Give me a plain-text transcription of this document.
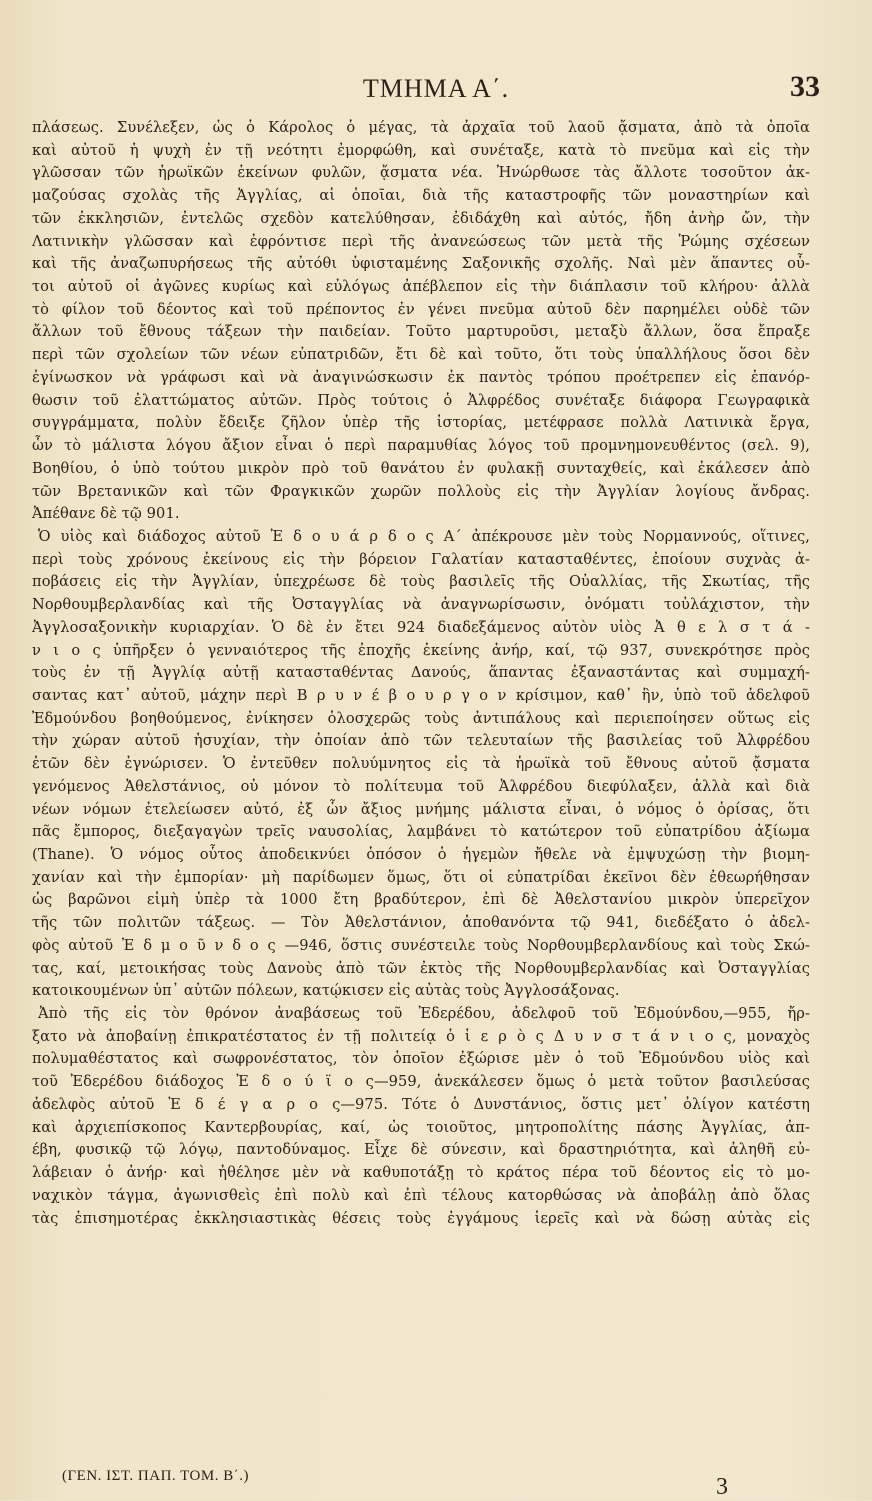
ΤΜΗΜΑ Α΄.	33
πλάσεως. Συνέλεξεν, ὡς ὁ Κάρολος ὁ μέγας, τὰ ἀρχαῖα τοῦ λαοῦ ᾄσματα, ἀπὸ τὰ ὁποῖα
καὶ αὐτοῦ ἡ ψυχὴ ἐν τῇ νεότητι ἐμορφώθη, καὶ συνέταξε, κατὰ τὸ πνεῦμα καὶ εἰς τὴν
γλῶσσαν τῶν ἡρωϊκῶν ἐκείνων φυλῶν, ᾄσματα νέα. Ἠνώρθωσε τὰς ἄλλοτε τοσοῦτον ἀκ-
μαζούσας σχολὰς τῆς Ἀγγλίας, αἱ ὁποῖαι, διὰ τῆς καταστροφῆς τῶν μοναστηρίων καὶ
τῶν ἐκκλησιῶν, ἐντελῶς σχεδὸν κατελύθησαν, ἐδιδάχθη καὶ αὐτός, ἤδη ἀνὴρ ὤν, τὴν
Λατινικὴν γλῶσσαν καὶ ἐφρόντισε περὶ τῆς ἀνανεώσεως τῶν μετὰ τῆς Ῥώμης σχέσεων
καὶ τῆς ἀναζωπυρήσεως τῆς αὐτόθι ὑφισταμένης Σαξονικῆς σχολῆς. Ναὶ μὲν ἅπαντες οὗ-
τοι αὐτοῦ οἱ ἀγῶνες κυρίως καὶ εὐλόγως ἀπέβλεπον εἰς τὴν διάπλασιν τοῦ κλήρου· ἀλλὰ
τὸ φίλον τοῦ δέοντος καὶ τοῦ πρέποντος ἐν γένει πνεῦμα αὐτοῦ δὲν παρημέλει οὐδὲ τῶν
ἄλλων τοῦ ἔθνους τάξεων τὴν παιδείαν. Τοῦτο μαρτυροῦσι, μεταξὺ ἄλλων, ὅσα ἔπραξε
περὶ τῶν σχολείων τῶν νέων εὐπατριδῶν, ἔτι δὲ καὶ τοῦτο, ὅτι τοὺς ὑπαλλήλους ὅσοι δὲν
ἐγίνωσκον νὰ γράφωσι καὶ νὰ ἀναγινώσκωσιν ἐκ παντὸς τρόπου προέτρεπεν εἰς ἐπανόρ-
θωσιν τοῦ ἐλαττώματος αὐτῶν. Πρὸς τούτοις ὁ Ἀλφρέδος συνέταξε διάφορα Γεωγραφικὰ
συγγράμματα, πολὺν ἔδειξε ζῆλον ὑπὲρ τῆς ἱστορίας, μετέφρασε πολλὰ Λατινικὰ ἔργα,
ὧν τὸ μάλιστα λόγου ἄξιον εἶναι ὁ περὶ παραμυθίας λόγος τοῦ προμνημονευθέντος (σελ. 9),
Βοηθίου, ὁ ὑπὸ τούτου μικρὸν πρὸ τοῦ θανάτου ἐν φυλακῇ συνταχθείς, καὶ ἐκάλεσεν ἀπὸ
τῶν Βρετανικῶν καὶ τῶν Φραγκικῶν χωρῶν πολλοὺς εἰς τὴν Ἀγγλίαν λογίους ἄνδρας.
Ἀπέθανε δὲ τῷ 901.
Ὁ υἱὸς καὶ διάδοχος αὐτοῦ Ἐ δ ο υ ά ρ δ ο ς Α΄ ἀπέκρουσε μὲν τοὺς Νορμαννούς, οἵτινες,
περὶ τοὺς χρόνους ἐκείνους εἰς τὴν βόρειον Γαλατίαν κατασταθέντες, ἐποίουν συχνὰς ἀ-
ποβάσεις εἰς τὴν Ἀγγλίαν, ὑπεχρέωσε δὲ τοὺς βασιλεῖς τῆς Οὐαλλίας, τῆς Σκωτίας, τῆς
Νορθουμβερλανδίας καὶ τῆς Ὀσταγγλίας νὰ ἀναγνωρίσωσιν, ὀνόματι τοὐλάχιστον, τὴν
Ἀγγλοσαξονικὴν κυριαρχίαν. Ὁ δὲ ἐν ἔτει 924 διαδεξάμενος αὐτὸν υἱὸς Ἀ θ ε λ σ τ ά -
ν ι ο ς ὑπῆρξεν ὁ γενναιότερος τῆς ἐποχῆς ἐκείνης ἀνήρ, καί, τῷ 937, συνεκρότησε πρὸς
τοὺς ἐν τῇ Ἀγγλίᾳ αὐτῇ κατασταθέντας Δανούς, ἅπαντας ἐξαναστάντας καὶ συμμαχή-
σαντας κατ᾿ αὐτοῦ, μάχην περὶ Β ρ υ ν έ β ο υ ρ γ ο ν κρίσιμον, καθ᾿ ἣν, ὑπὸ τοῦ ἀδελφοῦ
Ἐδμούνδου βοηθούμενος, ἐνίκησεν ὁλοσχερῶς τοὺς ἀντιπάλους καὶ περιεποίησεν οὕτως εἰς
τὴν χώραν αὐτοῦ ἡσυχίαν, τὴν ὁποίαν ἀπὸ τῶν τελευταίων τῆς βασιλείας τοῦ Ἀλφρέδου
ἐτῶν δὲν ἐγνώρισεν. Ὁ ἐντεῦθεν πολυύμνητος εἰς τὰ ἡρωϊκὰ τοῦ ἔθνους αὐτοῦ ᾄσματα
γενόμενος Ἀθελστάνιος, οὐ μόνον τὸ πολίτευμα τοῦ Ἀλφρέδου διεφύλαξεν, ἀλλὰ καὶ διὰ
νέων νόμων ἐτελείωσεν αὐτό, ἐξ ὧν ἄξιος μνήμης μάλιστα εἶναι, ὁ νόμος ὁ ὁρίσας, ὅτι
πᾶς ἔμπορος, διεξαγαγὼν τρεῖς ναυσολίας, λαμβάνει τὸ κατώτερον τοῦ εὐπατρίδου ἀξίωμα
(Thane). Ὁ νόμος οὗτος ἀποδεικνύει ὁπόσον ὁ ἡγεμὼν ἤθελε νὰ ἐμψυχώσῃ τὴν βιομη-
χανίαν καὶ τὴν ἐμπορίαν· μὴ παρίδωμεν ὅμως, ὅτι οἱ εὐπατρίδαι ἐκεῖνοι δὲν ἐθεωρήθησαν
ὡς βαρῶνοι εἰμὴ ὑπὲρ τὰ 1000 ἔτη βραδύτερον, ἐπὶ δὲ Ἀθελστανίου μικρὸν ὑπερεῖχον
τῆς τῶν πολιτῶν τάξεως. — Τὸν Ἀθελστάνιον, ἀποθανόντα τῷ 941, διεδέξατο ὁ ἀδελ-
φὸς αὐτοῦ Ἐ δ μ ο ῦ ν δ ο ς —946, ὅστις συνέστειλε τοὺς Νορθουμβερλανδίους καὶ τοὺς Σκώ-
τας, καί, μετοικήσας τοὺς Δανοὺς ἀπὸ τῶν ἐκτὸς τῆς Νορθουμβερλανδίας καὶ Ὀσταγγλίας
κατοικουμένων ὑπ᾿ αὐτῶν πόλεων, κατῴκισεν εἰς αὐτὰς τοὺς Ἀγγλοσάξονας.
Ἀπὸ τῆς εἰς τὸν θρόνον ἀναβάσεως τοῦ Ἐδερέδου, ἀδελφοῦ τοῦ Ἐδμούνδου,—955, ἤρ-
ξατο νὰ ἀποβαίνῃ ἐπικρατέστατος ἐν τῇ πολιτείᾳ ὁ ἱ ε ρ ὸ ς Δ υ ν σ τ ά ν ι ο ς, μοναχὸς
πολυμαθέστατος καὶ σωφρονέστατος, τὸν ὁποῖον ἐξώρισε μὲν ὁ τοῦ Ἐδμούνδου υἱὸς καὶ
τοῦ Ἐδερέδου διάδοχος Ἐ δ ο ύ ϊ ο ς—959, ἀνεκάλεσεν ὅμως ὁ μετὰ τοῦτον βασιλεύσας
ἀδελφὸς αὐτοῦ Ἐ δ έ γ α ρ ο ς—975. Τότε ὁ Δυνστάνιος, ὅστις μετ᾿ ὀλίγον κατέστη
καὶ ἀρχιεπίσκοπος Καντερβουρίας, καί, ὡς τοιοῦτος, μητροπολίτης πάσης Ἀγγλίας, ἀπ-
έβη, φυσικῷ τῷ λόγῳ, παντοδύναμος. Εἶχε δὲ σύνεσιν, καὶ δραστηριότητα, καὶ ἀληθῆ εὐ-
λάβειαν ὁ ἀνήρ· καὶ ἠθέλησε μὲν νὰ καθυποτάξῃ τὸ κράτος πέρα τοῦ δέοντος εἰς τὸ μο-
ναχικὸν τάγμα, ἀγωνισθεὶς ἐπὶ πολὺ καὶ ἐπὶ τέλους κατορθώσας νὰ ἀποβάλῃ ἀπὸ ὅλας
τὰς ἐπισημοτέρας ἐκκλησιαστικὰς θέσεις τοὺς ἐγγάμους ἱερεῖς καὶ νὰ δώσῃ αὐτὰς εἰς
(ΓΕΝ. ΙΣΤ. ΠΑΠ. ΤΟΜ. Β΄.)	3
